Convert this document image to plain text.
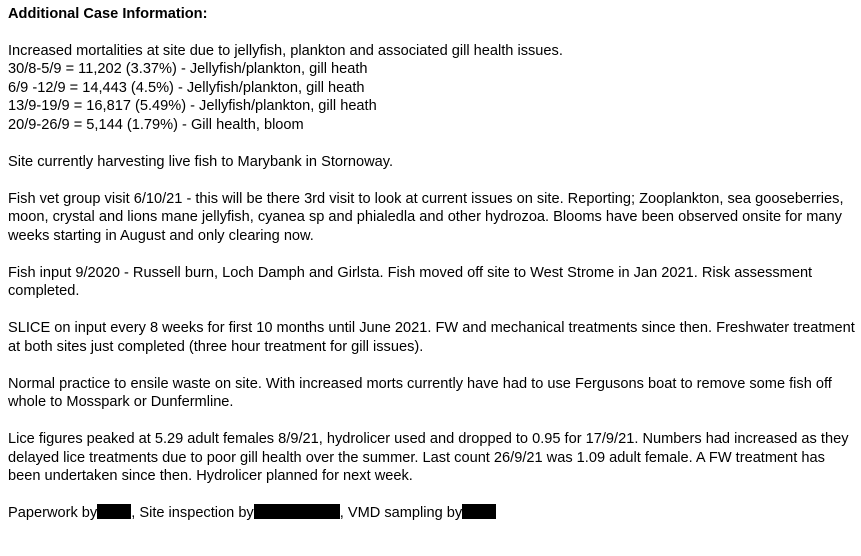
Additional Case Information:
Increased mortalities at site due to jellyfish, plankton and associated gill health issues.
30/8-5/9 = 11,202 (3.37%) - Jellyfish/plankton, gill heath
6/9 -12/9 = 14,443 (4.5%) - Jellyfish/plankton, gill heath
13/9-19/9 = 16,817 (5.49%) - Jellyfish/plankton, gill heath
20/9-26/9 = 5,144 (1.79%) - Gill health, bloom
Site currently harvesting live fish to Marybank in Stornoway.
Fish vet group visit 6/10/21 - this will be there 3rd visit to look at current issues on site. Reporting; Zooplankton, sea gooseberries, moon, crystal and lions mane jellyfish, cyanea sp and phialedla and other hydrozoa. Blooms have been observed onsite for many weeks starting in August and only clearing now.
Fish input 9/2020 - Russell burn, Loch Damph and Girlsta. Fish moved off site to West Strome in Jan 2021. Risk assessment completed.
SLICE on input every 8 weeks for first 10 months until June 2021. FW and mechanical treatments since then. Freshwater treatment at both sites just completed (three hour treatment for gill issues).
Normal practice to ensile waste on site. With increased morts currently have had to use Fergusons boat to remove some fish off whole to Mosspark or Dunfermline.
Lice figures peaked at 5.29 adult females 8/9/21, hydrolicer used and dropped to 0.95 for 17/9/21. Numbers had increased as they delayed lice treatments due to poor gill health over the summer. Last count 26/9/21 was 1.09 adult female. A FW treatment has been undertaken since then. Hydrolicer planned for next week.
Paperwork by , Site inspection by	, VMD sampling by
